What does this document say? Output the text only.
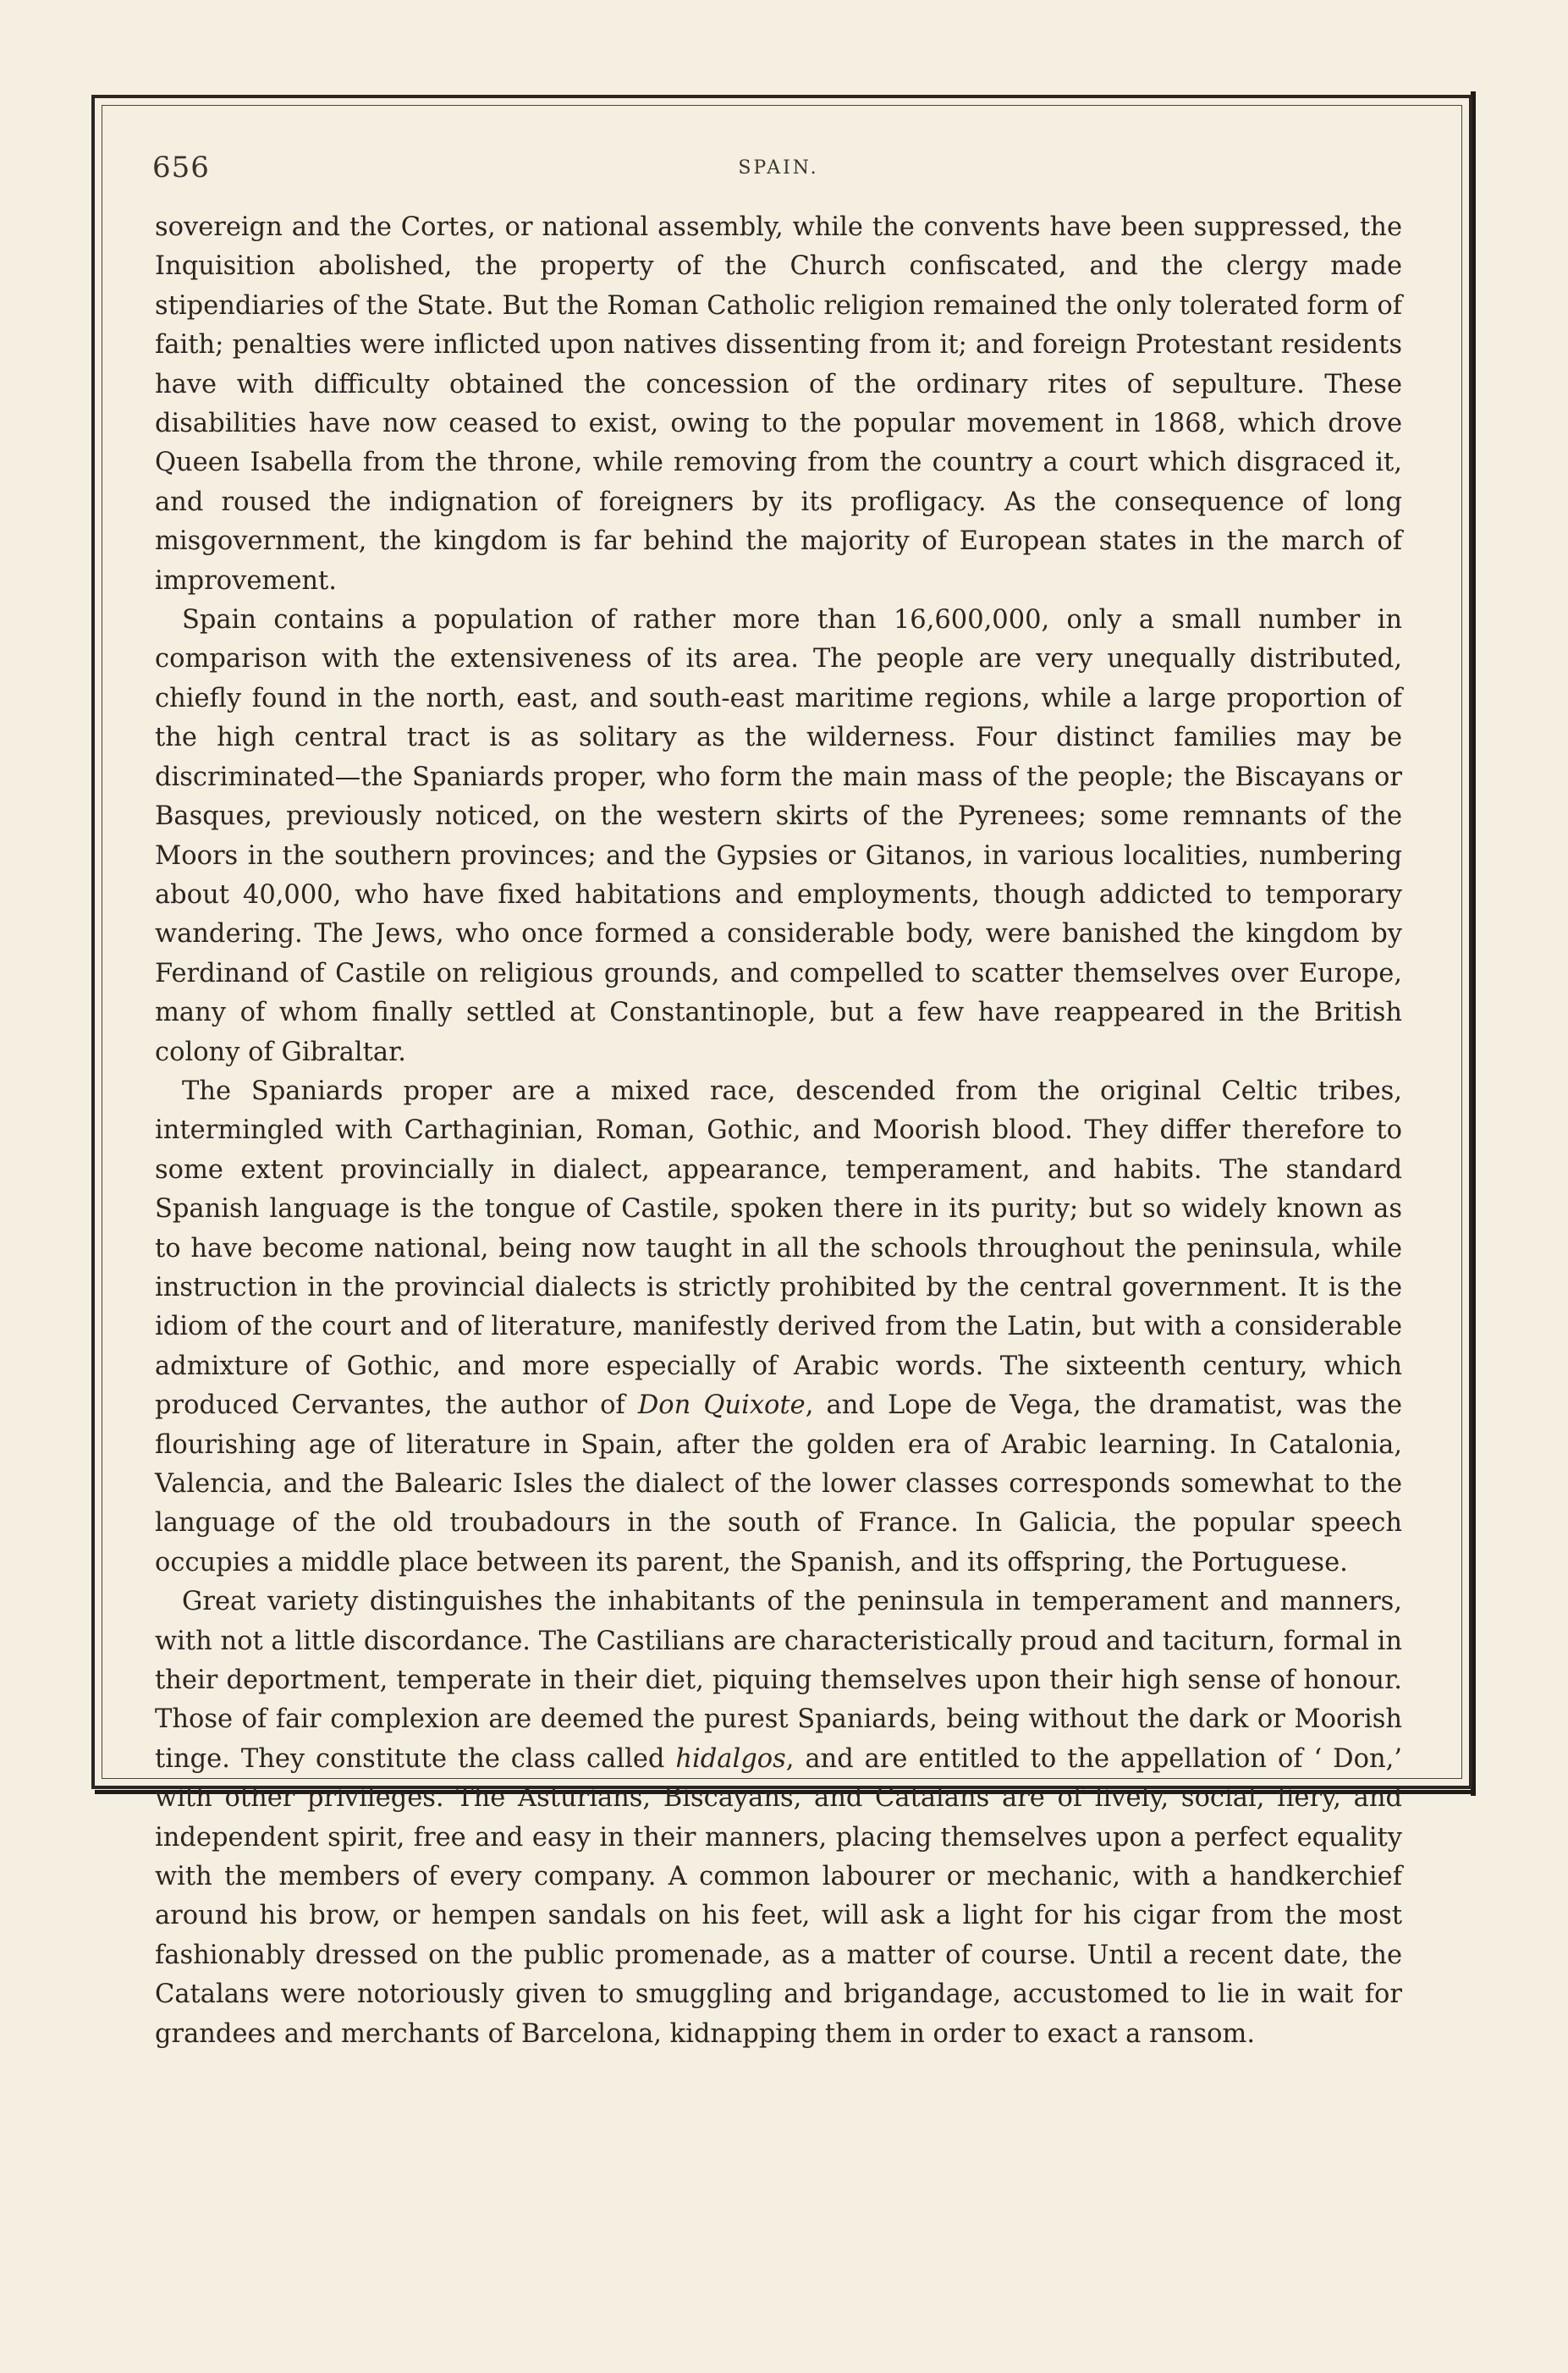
656	SPAIN.

sovereign and the Cortes, or national assembly, while the convents have been suppressed, the Inquisition abolished, the property of the Church confiscated, and the clergy made stipendiaries of the State. But the Roman Catholic religion remained the only tolerated form of faith; penalties were inflicted upon natives dissenting from it; and foreign Protestant residents have with difficulty obtained the concession of the ordinary rites of sepulture. These disabilities have now ceased to exist, owing to the popular movement in 1868, which drove Queen Isabella from the throne, while removing from the country a court which disgraced it, and roused the indignation of foreigners by its profligacy. As the consequence of long misgovernment, the kingdom is far behind the majority of European states in the march of improvement.

Spain contains a population of rather more than 16,600,000, only a small number in comparison with the extensiveness of its area. The people are very unequally distributed, chiefly found in the north, east, and south-east maritime regions, while a large proportion of the high central tract is as solitary as the wilderness. Four distinct families may be discriminated—the Spaniards proper, who form the main mass of the people; the Biscayans or Basques, previously noticed, on the western skirts of the Pyrenees; some remnants of the Moors in the southern provinces; and the Gypsies or Gitanos, in various localities, numbering about 40,000, who have fixed habitations and employments, though addicted to temporary wandering. The Jews, who once formed a considerable body, were banished the kingdom by Ferdinand of Castile on religious grounds, and compelled to scatter themselves over Europe, many of whom finally settled at Constantinople, but a few have reappeared in the British colony of Gibraltar.

The Spaniards proper are a mixed race, descended from the original Celtic tribes, intermingled with Carthaginian, Roman, Gothic, and Moorish blood. They differ therefore to some extent provincially in dialect, appearance, temperament, and habits. The standard Spanish language is the tongue of Castile, spoken there in its purity; but so widely known as to have become national, being now taught in all the schools throughout the peninsula, while instruction in the provincial dialects is strictly prohibited by the central government. It is the idiom of the court and of literature, manifestly derived from the Latin, but with a considerable admixture of Gothic, and more especially of Arabic words. The sixteenth century, which produced Cervantes, the author of Don Quixote, and Lope de Vega, the dramatist, was the flourishing age of literature in Spain, after the golden era of Arabic learning. In Catalonia, Valencia, and the Balearic Isles the dialect of the lower classes corresponds somewhat to the language of the old troubadours in the south of France. In Galicia, the popular speech occupies a middle place between its parent, the Spanish, and its offspring, the Portuguese.

Great variety distinguishes the inhabitants of the peninsula in temperament and manners, with not a little discordance. The Castilians are characteristically proud and taciturn, formal in their deportment, temperate in their diet, piquing themselves upon their high sense of honour. Those of fair complexion are deemed the purest Spaniards, being without the dark or Moorish tinge. They constitute the class called hidalgos, and are entitled to the appellation of ‘ Don,’ with other privileges. The Asturians, Biscayans, and Catalans are of lively, social, fiery, and independent spirit, free and easy in their manners, placing themselves upon a perfect equality with the members of every company. A common labourer or mechanic, with a handkerchief around his brow, or hempen sandals on his feet, will ask a light for his cigar from the most fashionably dressed on the public promenade, as a matter of course. Until a recent date, the Catalans were notoriously given to smuggling and brigandage, accustomed to lie in wait for grandees and merchants of Barcelona, kidnapping them in order to exact a ransom.
